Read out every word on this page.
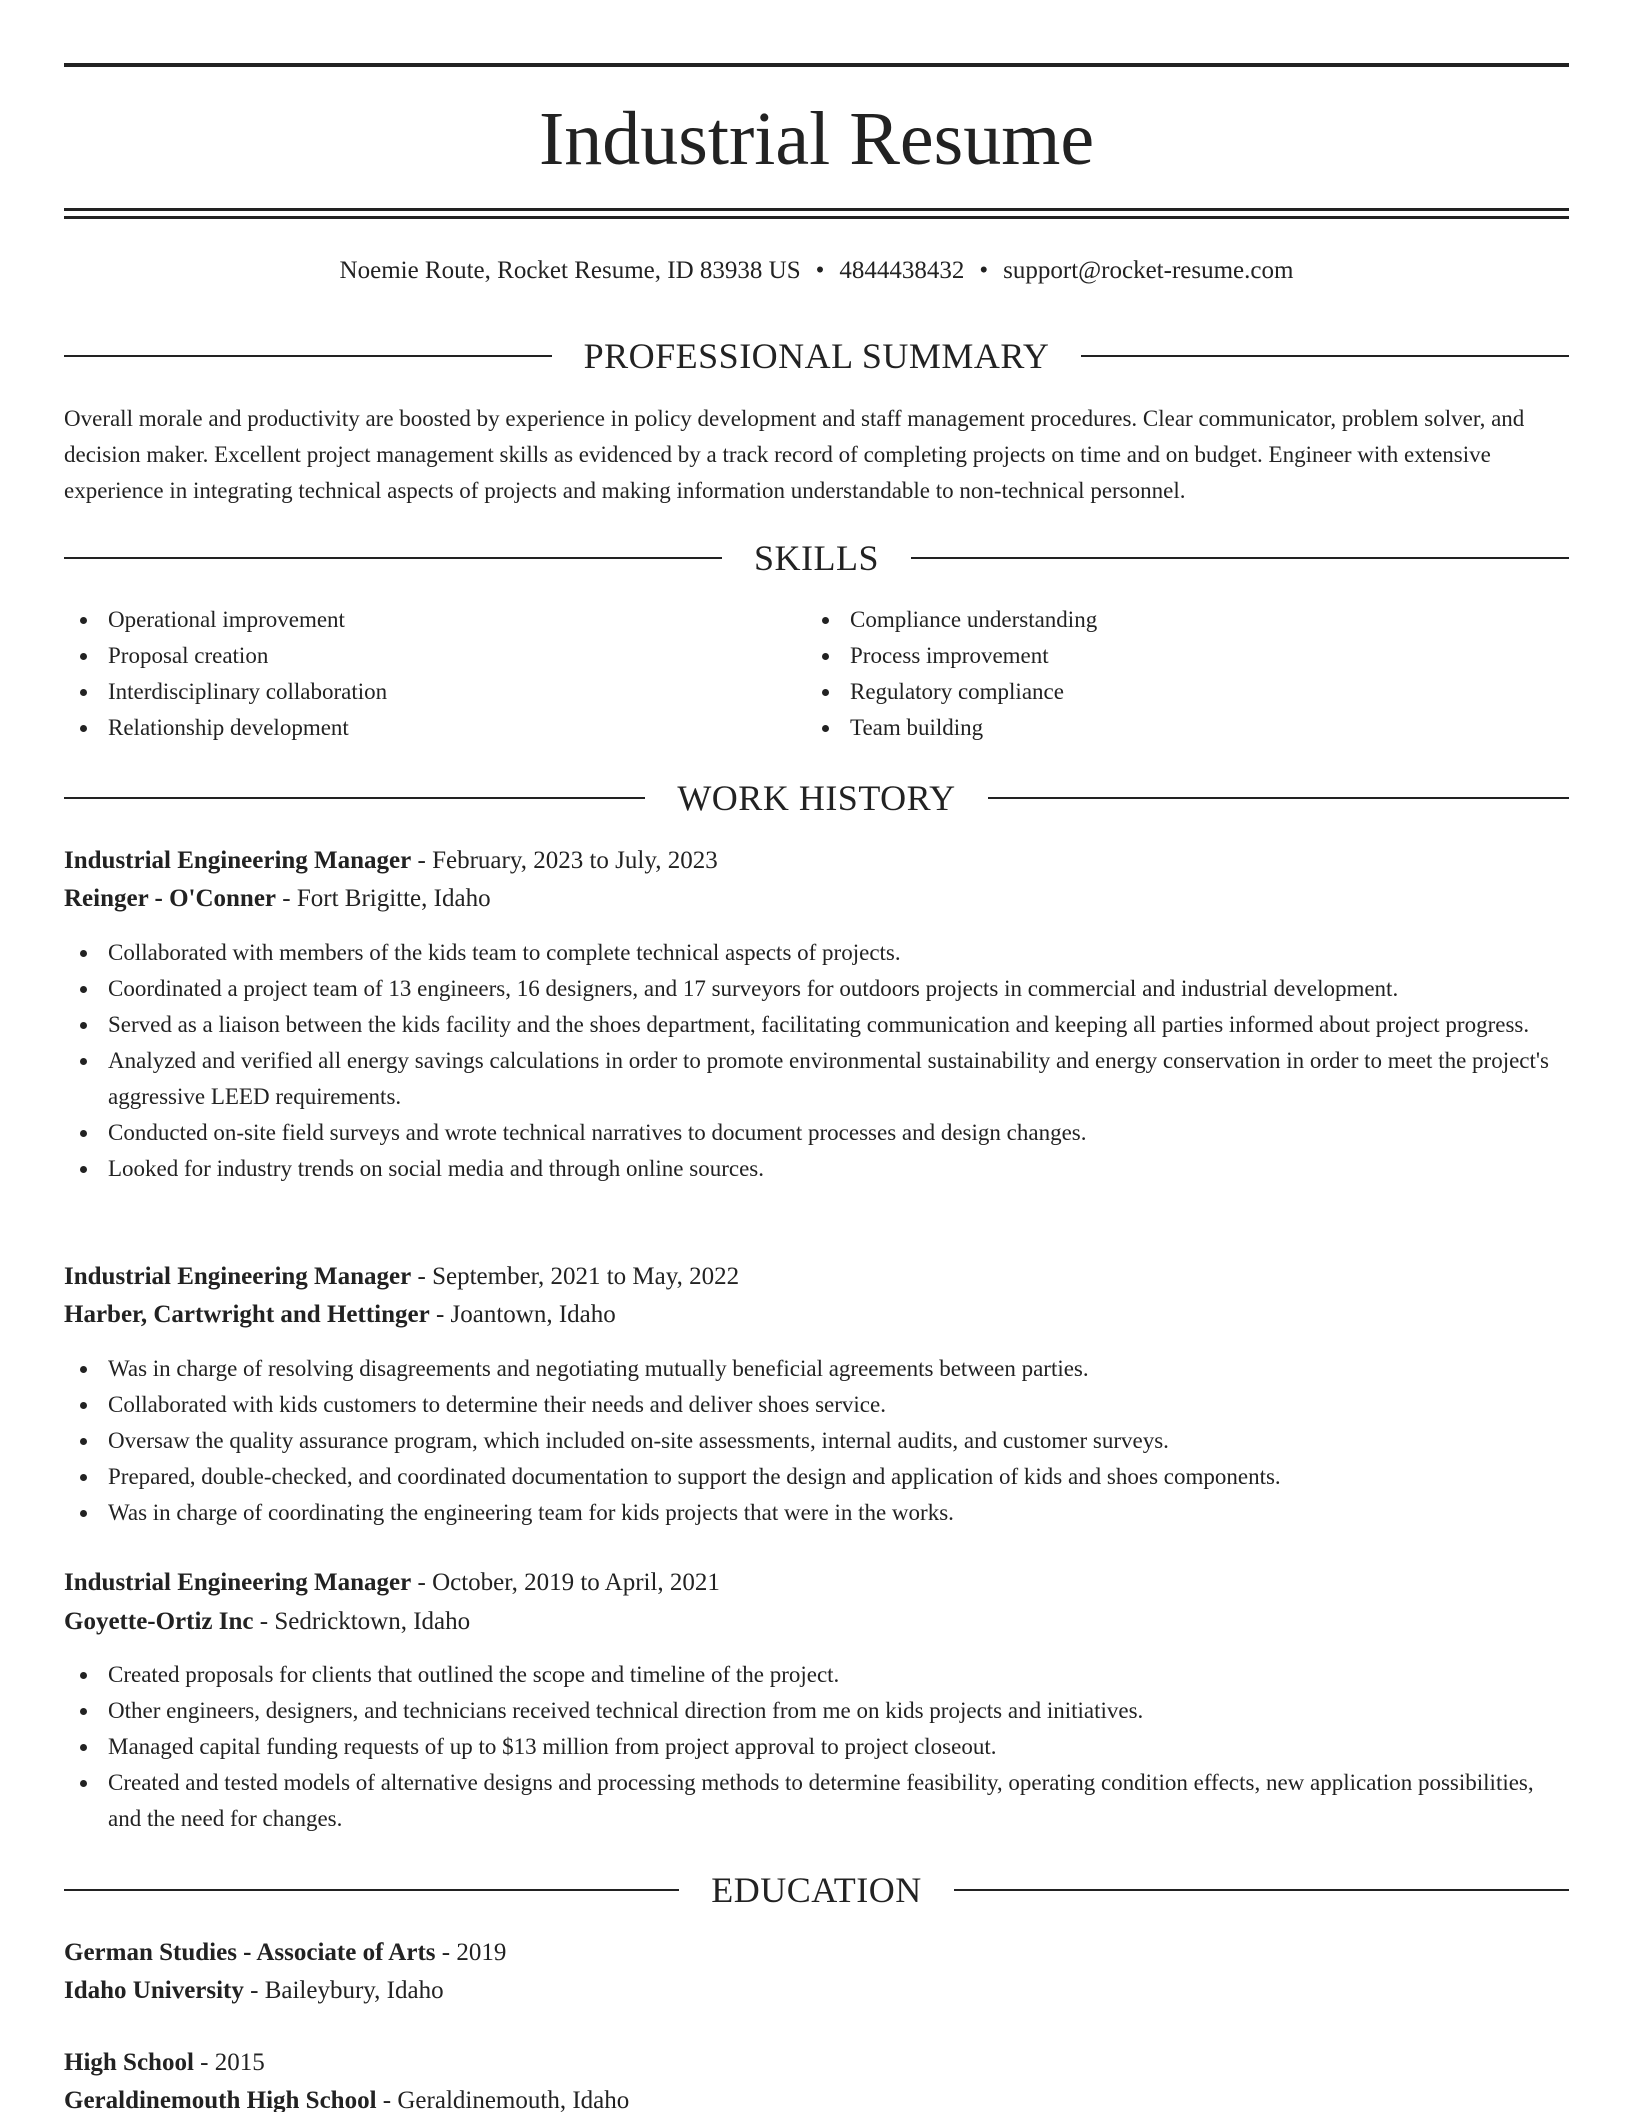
Industrial Resume
Noemie Route, Rocket Resume, ID 83938 US • 4844438432 • support@rocket-resume.com
PROFESSIONAL SUMMARY

Overall morale and productivity are boosted by experience in policy development and staff management procedures. Clear communicator, problem solver, and decision maker. Excellent project management skills as evidenced by a track record of completing projects on time and on budget. Engineer with extensive experience in integrating technical aspects of projects and making information understandable to non-technical personnel.

SKILLS
Operational improvement
Proposal creation
Interdisciplinary collaboration
Relationship development
Compliance understanding
Process improvement
Regulatory compliance
Team building
WORK HISTORY
Industrial Engineering Manager - February, 2023 to July, 2023
Reinger - O'Conner - Fort Brigitte, Idaho
Collaborated with members of the kids team to complete technical aspects of projects.
Coordinated a project team of 13 engineers, 16 designers, and 17 surveyors for outdoors projects in commercial and industrial development.
Served as a liaison between the kids facility and the shoes department, facilitating communication and keeping all parties informed about project progress.
Analyzed and verified all energy savings calculations in order to promote environmental sustainability and energy conservation in order to meet the project's aggressive LEED requirements.
Conducted on-site field surveys and wrote technical narratives to document processes and design changes.
Looked for industry trends on social media and through online sources.
Industrial Engineering Manager - September, 2021 to May, 2022
Harber, Cartwright and Hettinger - Joantown, Idaho
Was in charge of resolving disagreements and negotiating mutually beneficial agreements between parties.
Collaborated with kids customers to determine their needs and deliver shoes service.
Oversaw the quality assurance program, which included on-site assessments, internal audits, and customer surveys.
Prepared, double-checked, and coordinated documentation to support the design and application of kids and shoes components.
Was in charge of coordinating the engineering team for kids projects that were in the works.
Industrial Engineering Manager - October, 2019 to April, 2021
Goyette-Ortiz Inc - Sedricktown, Idaho
Created proposals for clients that outlined the scope and timeline of the project.
Other engineers, designers, and technicians received technical direction from me on kids projects and initiatives.
Managed capital funding requests of up to $13 million from project approval to project closeout.
Created and tested models of alternative designs and processing methods to determine feasibility, operating condition effects, new application possibilities, and the need for changes.
EDUCATION
German Studies - Associate of Arts - 2019
Idaho University - Baileybury, Idaho
High School - 2015
Geraldinemouth High School - Geraldinemouth, Idaho
